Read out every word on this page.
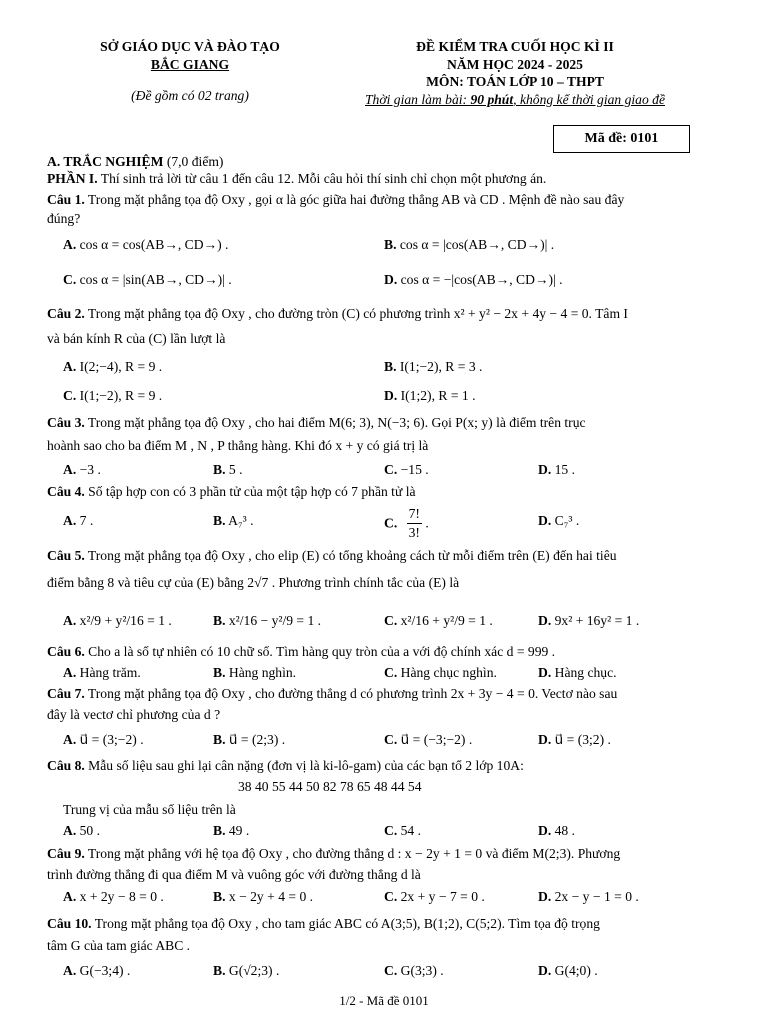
SỞ GIÁO DỤC VÀ ĐÀO TẠO
BẮC GIANG
(Đề gồm có 02 trang)
ĐỀ KIỂM TRA CUỐI HỌC KÌ II
NĂM HỌC 2024 - 2025
MÔN: TOÁN LỚP 10 – THPT
Thời gian làm bài: 90 phút, không kể thời gian giao đề
Mã đề: 0101
A. TRẮC NGHIỆM (7,0 điểm)
PHẦN I. Thí sinh trả lời từ câu 1 đến câu 12. Mỗi câu hỏi thí sinh chỉ chọn một phương án.
Câu 1. Trong mặt phẳng tọa độ Oxy , gọi α là góc giữa hai đường thẳng AB và CD . Mệnh đề nào sau đây
đúng?
A. cos α = cos(AB→, CD→) .	B. cos α = |cos(AB→, CD→)| .
C. cos α = |sin(AB→, CD→)| .	D. cos α = −|cos(AB→, CD→)| .
Câu 2. Trong mặt phẳng tọa độ Oxy , cho đường tròn (C) có phương trình x² + y² − 2x + 4y − 4 = 0. Tâm I
và bán kính R của (C) lần lượt là
A. I(2;−4), R = 9 .	B. I(1;−2), R = 3 .
C. I(1;−2), R = 9 .	D. I(1;2), R = 1 .
Câu 3. Trong mặt phẳng tọa độ Oxy , cho hai điểm M(6; 3), N(−3; 6). Gọi P(x; y) là điểm trên trục
hoành sao cho ba điểm M , N , P thẳng hàng. Khi đó x + y có giá trị là
A. −3 .	B. 5 .	C. −15 .	D. 15 .
Câu 4. Số tập hợp con có 3 phần tử của một tập hợp có 7 phần tử là
A. 7 .	B. A₇³ .	C. $\frac{7!}{3!}$ .	D. C₇³ .
Câu 5. Trong mặt phẳng tọa độ Oxy , cho elip (E) có tổng khoảng cách từ mỗi điểm trên (E) đến hai tiêu
điểm bằng 8 và tiêu cự của (E) bằng 2√7 . Phương trình chính tắc của (E) là
A. x²/9 + y²/16 = 1 .	B. x²/16 − y²/9 = 1 .	C. x²/16 + y²/9 = 1 .	D. 9x² + 16y² = 1 .
Câu 6. Cho a là số tự nhiên có 10 chữ số. Tìm hàng quy tròn của a với độ chính xác d = 999 .
A. Hàng trăm.	B. Hàng nghìn.	C. Hàng chục nghìn.	D. Hàng chục.
Câu 7. Trong mặt phẳng tọa độ Oxy , cho đường thẳng d có phương trình 2x + 3y − 4 = 0. Vectơ nào sau
đây là vectơ chỉ phương của d ?
A. u⃗ = (3;−2) .	B. u⃗ = (2;3) .	C. u⃗ = (−3;−2) .	D. u⃗ = (3;2) .
Câu 8. Mẫu số liệu sau ghi lại cân nặng (đơn vị là ki-lô-gam) của các bạn tổ 2 lớp 10A:
38 40 55 44 50 82 78 65 48 44 54
Trung vị của mẫu số liệu trên là
A. 50 .	B. 49 .	C. 54 .	D. 48 .
Câu 9. Trong mặt phẳng với hệ tọa độ Oxy , cho đường thẳng d : x − 2y + 1 = 0 và điểm M(2;3). Phương
trình đường thẳng đi qua điểm M và vuông góc với đường thẳng d là
A. x + 2y − 8 = 0 .	B. x − 2y + 4 = 0 .	C. 2x + y − 7 = 0 .	D. 2x − y − 1 = 0 .
Câu 10. Trong mặt phẳng tọa độ Oxy , cho tam giác ABC có A(3;5), B(1;2), C(5;2). Tìm tọa độ trọng
tâm G của tam giác ABC .
A. G(−3;4) .	B. G(√2;3) .	C. G(3;3) .	D. G(4;0) .
1/2 - Mã đề 0101
